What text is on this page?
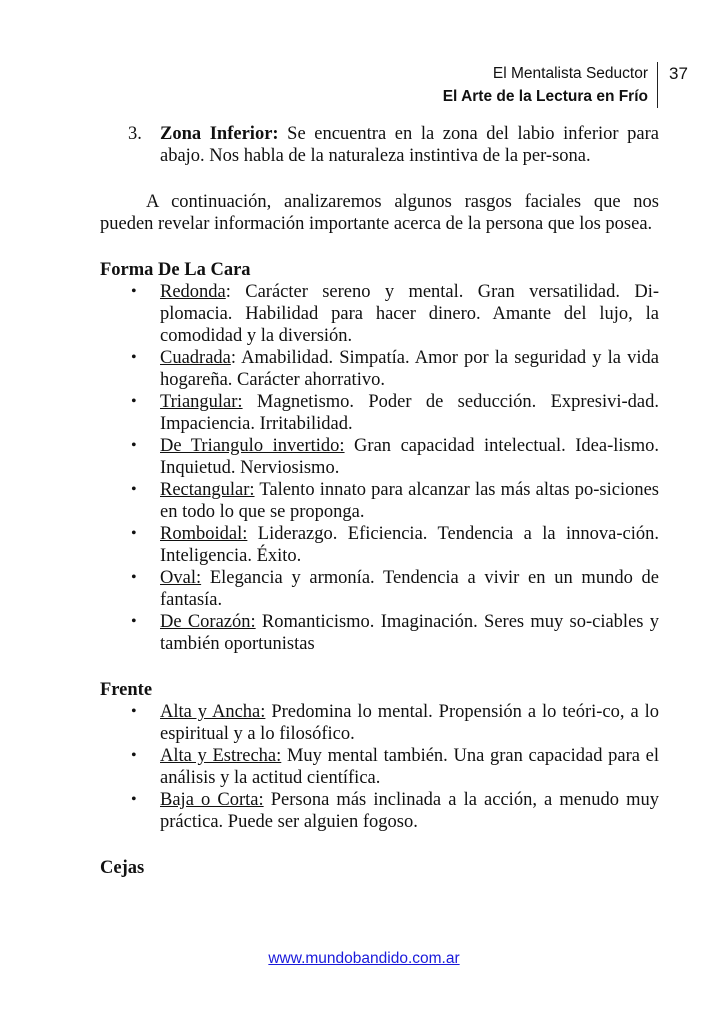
El Mentalista Seductor
El Arte de la Lectura en Frío
37
3. Zona Inferior: Se encuentra en la zona del labio inferior para abajo. Nos habla de la naturaleza instintiva de la per-sona.

A continuación, analizaremos algunos rasgos faciales que nos pueden revelar información importante acerca de la persona que los posea.

Forma De La Cara
• Redonda: Carácter sereno y mental. Gran versatilidad. Di-plomacia. Habilidad para hacer dinero. Amante del lujo, la comodidad y la diversión.
• Cuadrada: Amabilidad. Simpatía. Amor por la seguridad y la vida hogareña. Carácter ahorrativo.
• Triangular: Magnetismo. Poder de seducción. Expresivi-dad. Impaciencia. Irritabilidad.
• De Triangulo invertido: Gran capacidad intelectual. Idea-lismo. Inquietud. Nerviosismo.
• Rectangular: Talento innato para alcanzar las más altas po-siciones en todo lo que se proponga.
• Romboidal: Liderazgo. Eficiencia. Tendencia a la innova-ción. Inteligencia. Éxito.
• Oval: Elegancia y armonía. Tendencia a vivir en un mundo de fantasía.
• De Corazón: Romanticismo. Imaginación. Seres muy so-ciables y también oportunistas
Frente
• Alta y Ancha: Predomina lo mental. Propensión a lo teóri-co, a lo espiritual y a lo filosófico.
• Alta y Estrecha: Muy mental también. Una gran capacidad para el análisis y la actitud científica.
• Baja o Corta: Persona más inclinada a la acción, a menudo muy práctica. Puede ser alguien fogoso.
Cejas
www.mundobandido.com.ar
